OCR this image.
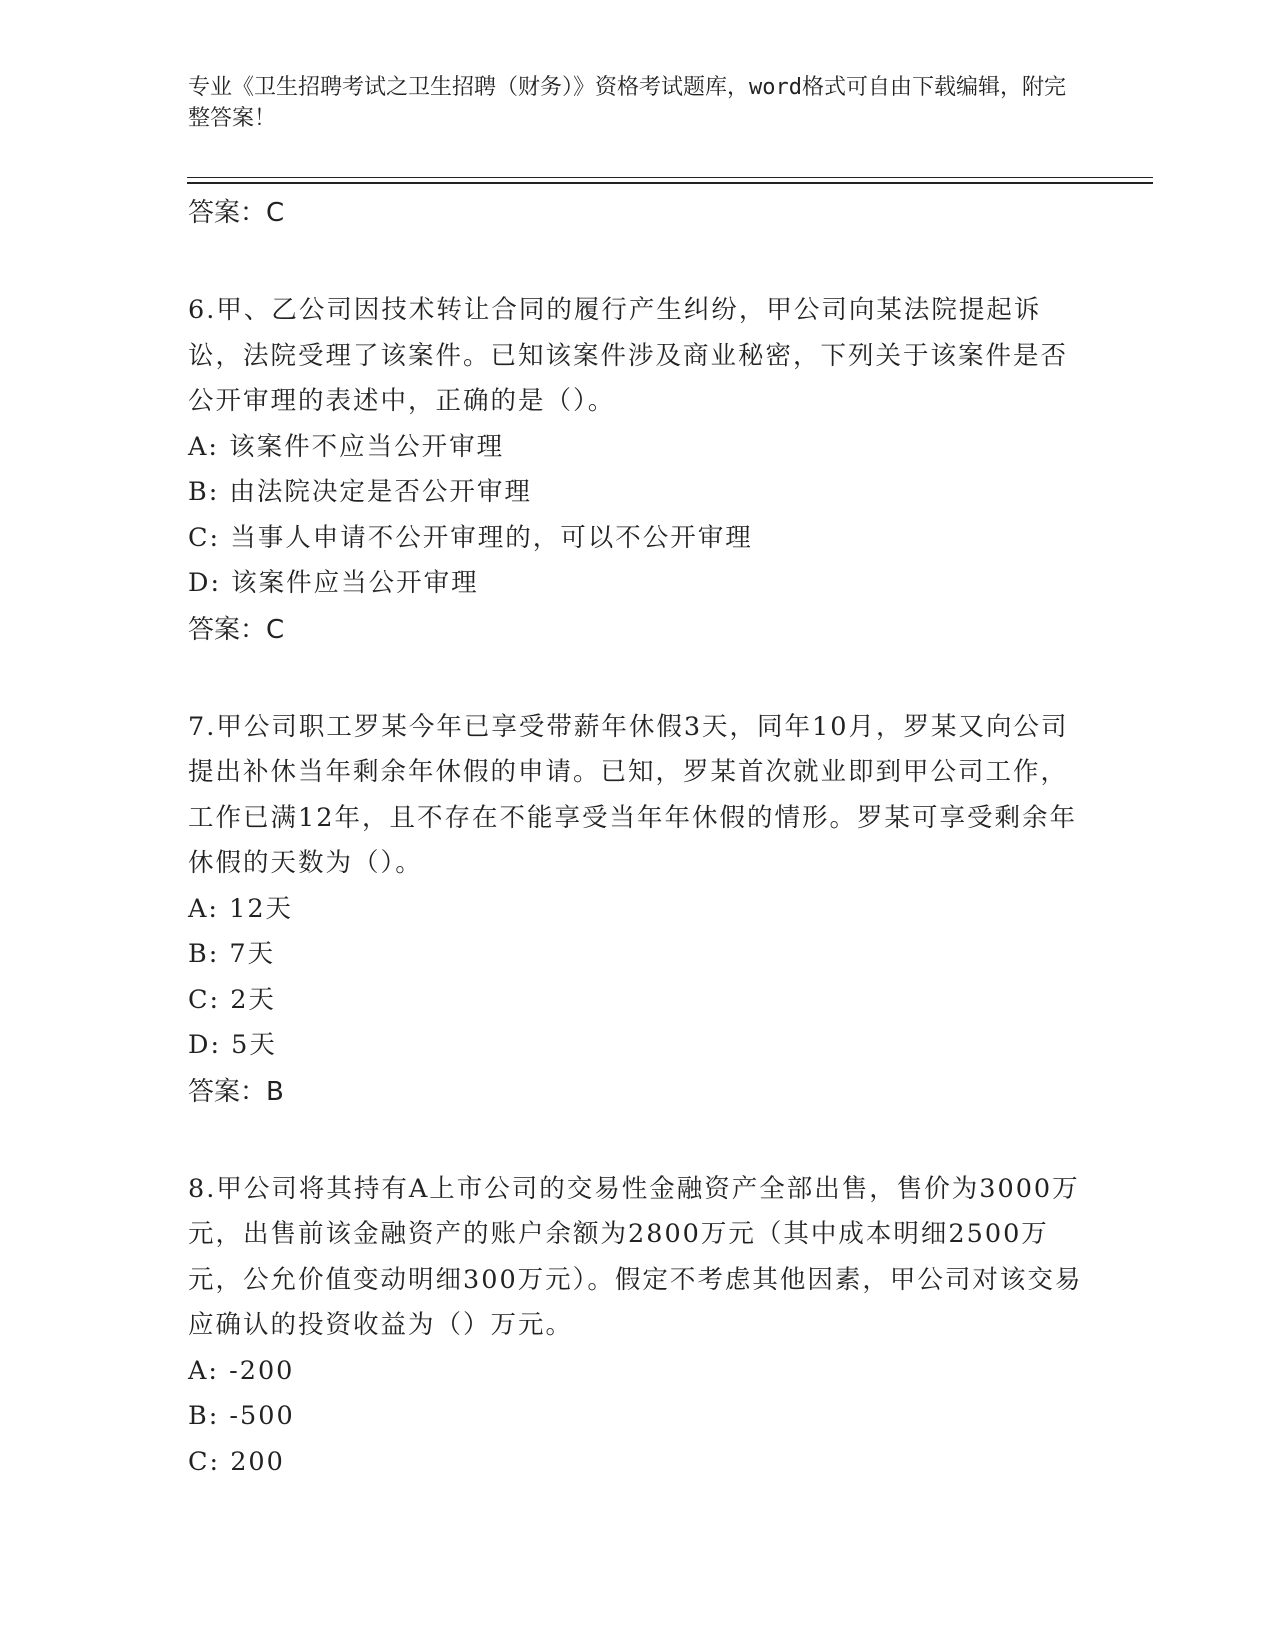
专业《卫生招聘考试之卫生招聘（财务）》资格考试题库，word格式可自由下载编辑，附完整答案！

答案：C

6.甲、乙公司因技术转让合同的履行产生纠纷，甲公司向某法院提起诉讼，法院受理了该案件。已知该案件涉及商业秘密，下列关于该案件是否公开审理的表述中，正确的是（）。

A: 该案件不应当公开审理

B: 由法院决定是否公开审理

C: 当事人申请不公开审理的，可以不公开审理

D: 该案件应当公开审理

答案：C

7.甲公司职工罗某今年已享受带薪年休假3天，同年10月，罗某又向公司提出补休当年剩余年休假的申请。已知，罗某首次就业即到甲公司工作，工作已满12年，且不存在不能享受当年年休假的情形。罗某可享受剩余年休假的天数为（）。

A: 12天

B: 7天

C: 2天

D: 5天

答案：B

8.甲公司将其持有A上市公司的交易性金融资产全部出售，售价为3000万元，出售前该金融资产的账户余额为2800万元（其中成本明细2500万元，公允价值变动明细300万元）。假定不考虑其他因素，甲公司对该交易应确认的投资收益为（）万元。

A: -200

B: -500

C: 200
